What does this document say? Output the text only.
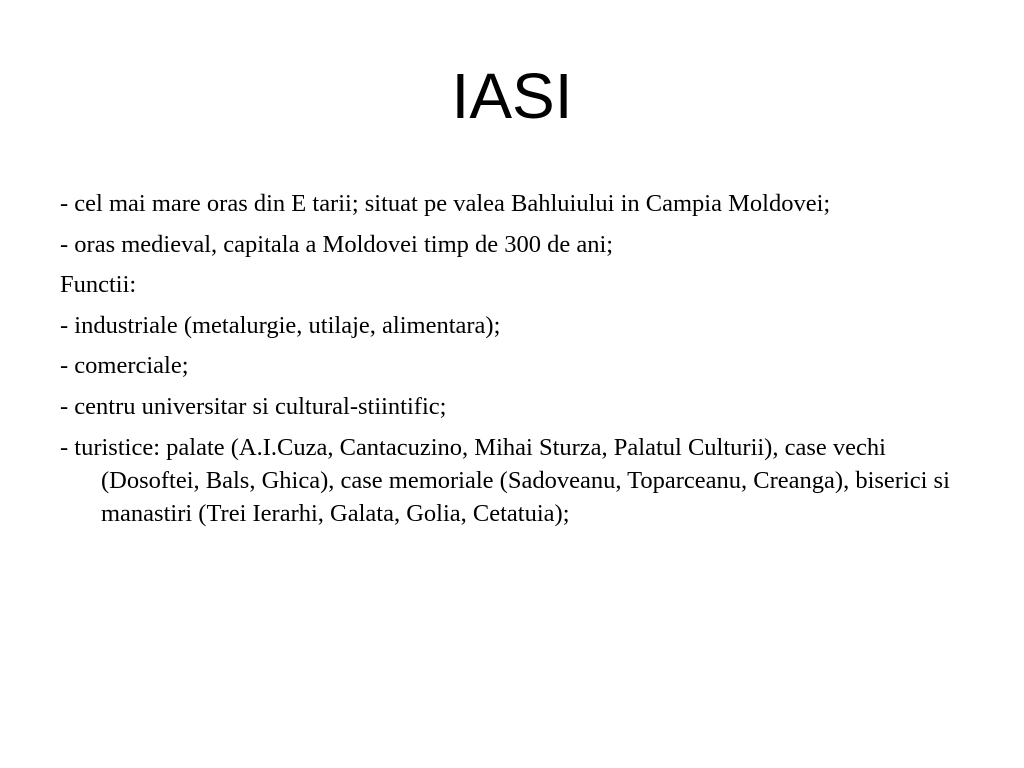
IASI

- cel mai mare oras din E tarii; situat pe valea Bahluiului in Campia Moldovei;

- oras medieval, capitala a Moldovei timp de 300 de ani;

Functii:

- industriale (metalurgie, utilaje, alimentara);

- comerciale;

- centru universitar si cultural-stiintific;

- turistice: palate (A.I.Cuza, Cantacuzino, Mihai Sturza, Palatul Culturii), case vechi (Dosoftei, Bals, Ghica), case memoriale (Sadoveanu, Toparceanu, Creanga), biserici si manastiri (Trei Ierarhi, Galata, Golia, Cetatuia);
